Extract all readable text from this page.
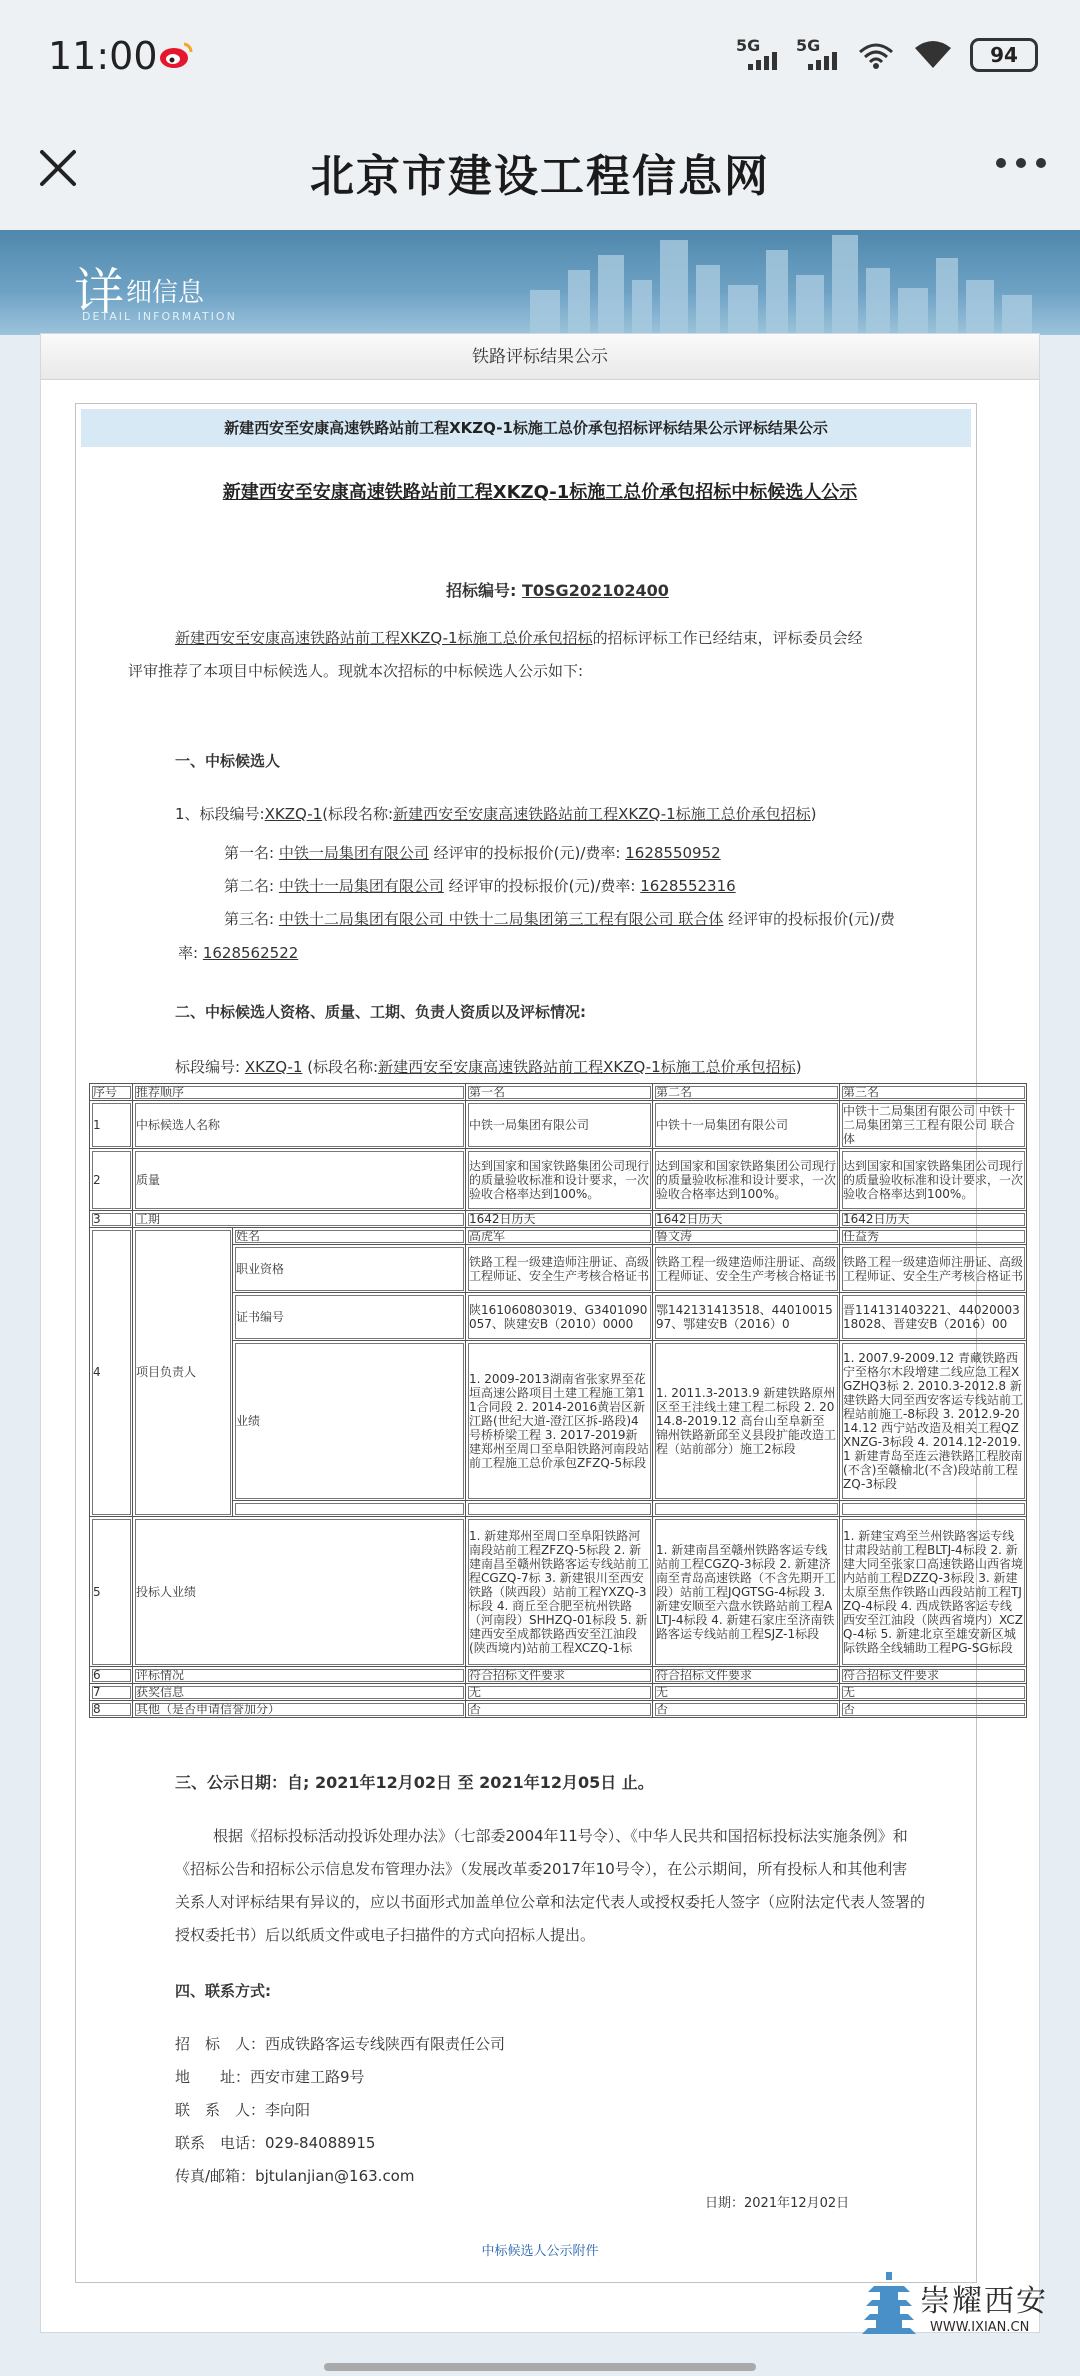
11:00	5G 5G	94
北京市建设工程信息网
详 细信息
DETAIL INFORMATION
铁路评标结果公示
新建西安至安康高速铁路站前工程XKZQ-1标施工总价承包招标评标结果公示评标结果公示
新建西安至安康高速铁路站前工程XKZQ-1标施工总价承包招标中标候选人公示
招标编号: T0SG202102400
新建西安至安康高速铁路站前工程XKZQ-1标施工总价承包招标的招标评标工作已经结束，评标委员会经
评审推荐了本项目中标候选人。现就本次招标的中标候选人公示如下:
一、中标候选人
1、标段编号:XKZQ-1(标段名称:新建西安至安康高速铁路站前工程XKZQ-1标施工总价承包招标)
第一名: 中铁一局集团有限公司 经评审的投标报价(元)/费率: 1628550952
第二名: 中铁十一局集团有限公司 经评审的投标报价(元)/费率: 1628552316
第三名: 中铁十二局集团有限公司 中铁十二局集团第三工程有限公司 联合体 经评审的投标报价(元)/费
率: 1628562522
二、中标候选人资格、质量、工期、负责人资质以及评标情况:
标段编号: XKZQ-1 (标段名称:新建西安至安康高速铁路站前工程XKZQ-1标施工总价承包招标)
序号	推荐顺序		第一名	第二名	第三名
1	中标候选人名称		中铁一局集团有限公司	中铁十一局集团有限公司	中铁十二局集团有限公司 中铁十二局集团第三工程有限公司 联合体
2	质量		达到国家和国家铁路集团公司现行的质量验收标准和设计要求，一次验收合格率达到100%。	达到国家和国家铁路集团公司现行的质量验收标准和设计要求，一次验收合格率达到100%。	达到国家和国家铁路集团公司现行的质量验收标准和设计要求，一次验收合格率达到100%。
3	工期		1642日历天	1642日历天	1642日历天
4	项目负责人	姓名	高虎军	鲁文涛	任益秀
		职业资格	铁路工程一级建造师注册证、高级工程师证、安全生产考核合格证书	铁路工程一级建造师注册证、高级工程师证、安全生产考核合格证书	铁路工程一级建造师注册证、高级工程师证、安全生产考核合格证书
		证书编号	陕161060803019、G3401090057、陕建安B（2010）0000	鄂142131413518、4401001597、鄂建安B（2016）0	晋114131403221、4402000318028、晋建安B（2016）00
		业绩	1. 2009-2013湖南省张家界至花垣高速公路项目土建工程施工第11合同段 2. 2014-2016黄岩区新江路(世纪大道-澄江区拆-路段)4号桥桥梁工程 3. 2017-2019新建郑州至周口至阜阳铁路河南段站前工程施工总价承包ZFZQ-5标段	1. 2011.3-2013.9 新建铁路原州区至王洼线土建工程二标段 2. 2014.8-2019.12 高台山至阜新至锦州铁路新邱至义县段扩能改造工程（站前部分）施工2标段	1. 2007.9-2009.12 青藏铁路西宁至格尔木段增建二线应急工程XGZHQ3标 2. 2010.3-2012.8 新建铁路大同至西安客运专线站前工程站前施工-8标段 3. 2012.9-2014.12 西宁站改造及相关工程QZXNZG-3标段 4. 2014.12-2019.1 新建青岛至连云港铁路工程胶南(不含)至赣榆北(不含)段站前工程ZQ-3标段

5	投标人业绩		1. 新建郑州至周口至阜阳铁路河南段站前工程ZFZQ-5标段 2. 新建南昌至赣州铁路客运专线站前工程CGZQ-7标 3. 新建银川至西安铁路（陕西段）站前工程YXZQ-3标段 4. 商丘至合肥至杭州铁路（河南段）SHHZQ-01标段 5. 新建西安至成都铁路西安至江油段(陕西境内)站前工程XCZQ-1标	1. 新建南昌至赣州铁路客运专线站前工程CGZQ-3标段 2. 新建济南至青岛高速铁路（不含先期开工段）站前工程JQGTSG-4标段 3. 新建安顺至六盘水铁路站前工程ALTJ-4标段 4. 新建石家庄至济南铁路客运专线站前工程SJZ-1标段	1. 新建宝鸡至兰州铁路客运专线甘肃段站前工程BLTJ-4标段 2. 新建大同至张家口高速铁路山西省境内站前工程DZZQ-3标段 3. 新建太原至焦作铁路山西段站前工程TJZQ-4标段 4. 西成铁路客运专线西安至江油段（陕西省境内）XCZQ-4标 5. 新建北京至雄安新区城际铁路全线辅助工程PG-SG标段
6	评标情况		符合招标文件要求	符合招标文件要求	符合招标文件要求
7	获奖信息		无	无	无
8	其他（是否申请信誉加分）		否	否	否
三、公示日期：自; 2021年12月02日 至 2021年12月05日 止。
根据《招标投标活动投诉处理办法》（七部委2004年11号令）、《中华人民共和国招标投标法实施条例》和
《招标公告和招标公示信息发布管理办法》（发展改革委2017年10号令），在公示期间，所有投标人和其他利害
关系人对评标结果有异议的，应以书面形式加盖单位公章和法定代表人或授权委托人签字（应附法定代表人签署的
授权委托书）后以纸质文件或电子扫描件的方式向招标人提出。
四、联系方式:
招　标　人：西成铁路客运专线陕西有限责任公司
地　　址：西安市建工路9号
联　系　人：李向阳
联系　电话：029-84088915
传真/邮箱：bjtulanjian@163.com
日期：2021年12月02日
中标候选人公示附件
崇耀西安
WWW.IXIAN.CN
